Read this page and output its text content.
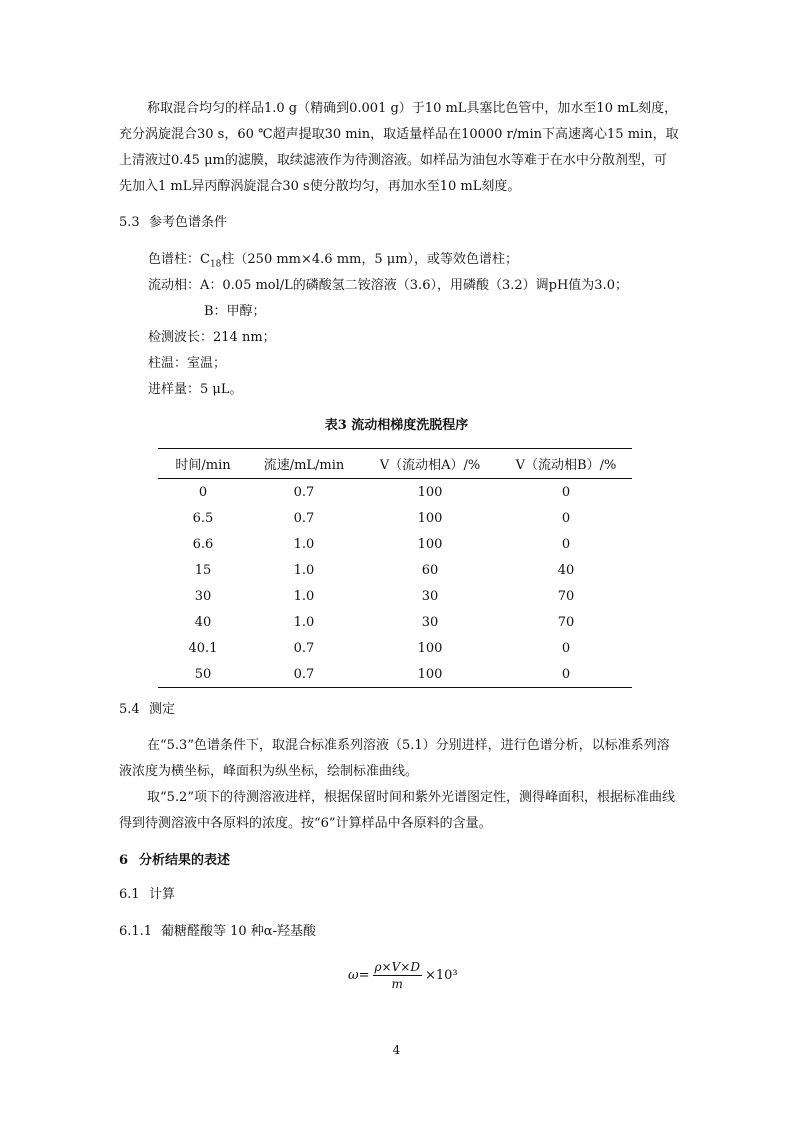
称取混合均匀的样品1.0 g（精确到0.001 g）于10 mL具塞比色管中，加水至10 mL刻度，充分涡旋混合30 s，60 ℃超声提取30 min，取适量样品在10000 r/min下高速离心15 min，取上清液过0.45 μm的滤膜，取续滤液作为待测溶液。如样品为油包水等难于在水中分散剂型，可先加入1 mL异丙醇涡旋混合30 s使分散均匀，再加水至10 mL刻度。

5.3 参考色谱条件
色谱柱：$C_{18}$柱（250 mm×4.6 mm，5 μm），或等效色谱柱；
流动相：A：0.05 mol/L的磷酸氢二铵溶液（3.6），用磷酸（3.2）调pH值为3.0；
B：甲醇；
检测波长：214 nm；
柱温：室温；
进样量：5 μL。
表3 流动相梯度洗脱程序
时间/min	流速/mL/min	V（流动相A）/%	V（流动相B）/%
0	0.7	100	0
6.5	0.7	100	0
6.6	1.0	100	0
15	1.0	60	40
30	1.0	30	70
40	1.0	30	70
40.1	0.7	100	0
50	0.7	100	0
5.4 测定

在“5.3”色谱条件下，取混合标准系列溶液（5.1）分别进样，进行色谱分析，以标准系列溶液浓度为横坐标，峰面积为纵坐标，绘制标准曲线。

取“5.2”项下的待测溶液进样，根据保留时间和紫外光谱图定性，测得峰面积，根据标准曲线得到待测溶液中各原料的浓度。按“6”计算样品中各原料的含量。

6 分析结果的表述
6.1 计算
6.1.1 葡糖醛酸等 10 种α-羟基酸
$\omega= \frac{\rho\times V\times D}{m} \times 10^3$
4
